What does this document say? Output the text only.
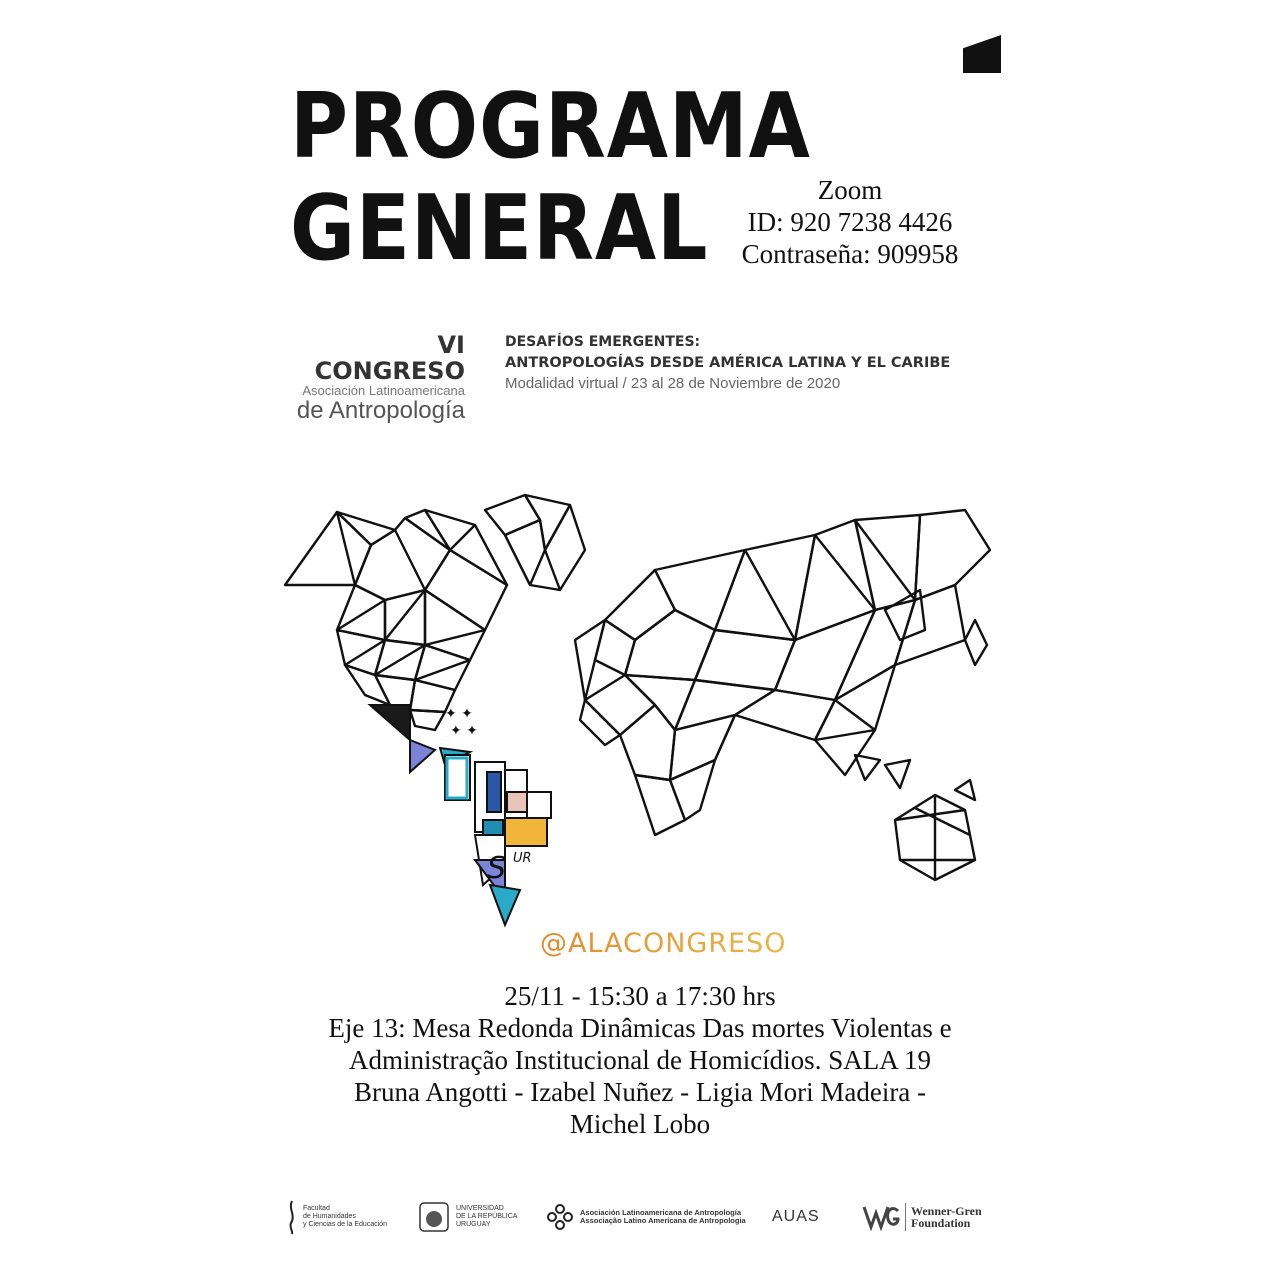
PROGRAMA
GENERAL	Zoom
ID: 920 7238 4426
Contraseña: 909958
VI CONGRESO
Asociación Latinoamericana
de Antropología
DESAFÍOS EMERGENTES:
ANTROPOLOGÍAS DESDE AMÉRICA LATINA Y EL CARIBE
Modalidad virtual / 23 al 28 de Noviembre de 2020
S UR
✦ ✦
✦ ✦
@ALACONGRESO
25/11 - 15:30 a 17:30 hrs
Eje 13: Mesa Redonda Dinâmicas Das mortes Violentas e
Administração Institucional de Homicídios. SALA 19
Bruna Angotti - Izabel Nuñez - Ligia Mori Madeira -
Michel Lobo
Facultad
de Humanidades
y Ciencias de la Educación
UNIVERSIDAD
DE LA REPÚBLICA
URUGUAY
Asociación Latinoamericana de Antropología
Associação Latino Americana de Antropologia AUAS	Wenner-Gren
Foundation
